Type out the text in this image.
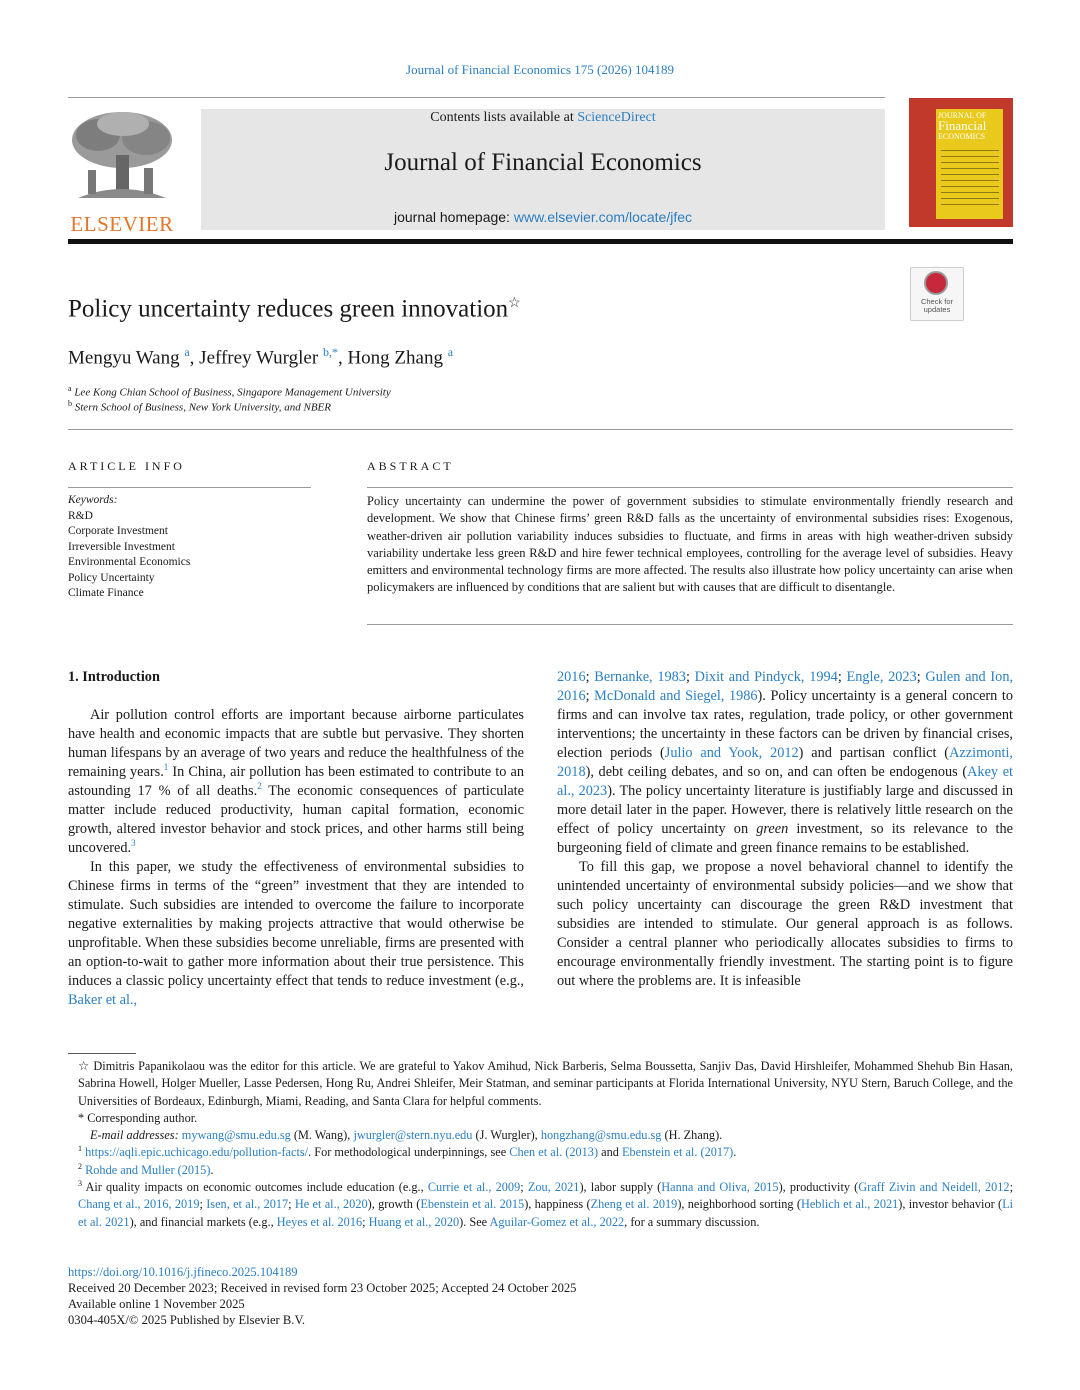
Journal of Financial Economics 175 (2026) 104189
ELSEVIER
Contents lists available at ScienceDirect
Journal of Financial Economics
journal homepage: www.elsevier.com/locate/jfec
JOURNAL OF
Financial
ECONOMICS
Check for updates
Policy uncertainty reduces green innovation☆
Mengyu Wang $^a$, Jeffrey Wurgler $^{b,*}$, Hong Zhang $^a$
$^a$ Lee Kong Chian School of Business, Singapore Management University
$^b$ Stern School of Business, New York University, and NBER
ARTICLE INFO
Keywords:
R&D
Corporate Investment
Irreversible Investment
Environmental Economics
Policy Uncertainty
Climate Finance
ABSTRACT
Policy uncertainty can undermine the power of government subsidies to stimulate environmentally friendly research and development. We show that Chinese firms’ green R&D falls as the uncertainty of environmental subsidies rises: Exogenous, weather-driven air pollution variability induces subsidies to fluctuate, and firms in areas with high weather-driven subsidy variability undertake less green R&D and hire fewer technical employees, controlling for the average level of subsidies. Heavy emitters and environmental technology firms are more affected. The results also illustrate how policy uncertainty can arise when policymakers are influenced by conditions that are salient but with causes that are difficult to disentangle.

1. Introduction

Air pollution control efforts are important because airborne particulates have health and economic impacts that are subtle but pervasive. They shorten human lifespans by an average of two years and reduce the healthfulness of the remaining years.$^1$ In China, air pollution has been estimated to contribute to an astounding 17 % of all deaths.$^2$ The economic consequences of particulate matter include reduced productivity, human capital formation, economic growth, altered investor behavior and stock prices, and other harms still being uncovered.$^3$

In this paper, we study the effectiveness of environmental subsidies to Chinese firms in terms of the “green” investment that they are intended to stimulate. Such subsidies are intended to overcome the failure to incorporate negative externalities by making projects attractive that would otherwise be unprofitable. When these subsidies become unreliable, firms are presented with an option-to-wait to gather more information about their true persistence. This induces a classic policy uncertainty effect that tends to reduce investment (e.g., Baker et al.,

2016; Bernanke, 1983; Dixit and Pindyck, 1994; Engle, 2023; Gulen and Ion, 2016; McDonald and Siegel, 1986). Policy uncertainty is a general concern to firms and can involve tax rates, regulation, trade policy, or other government interventions; the uncertainty in these factors can be driven by financial crises, election periods (Julio and Yook, 2012) and partisan conflict (Azzimonti, 2018), debt ceiling debates, and so on, and can often be endogenous (Akey et al., 2023). The policy uncertainty literature is justifiably large and discussed in more detail later in the paper. However, there is relatively little research on the effect of policy uncertainty on green investment, so its relevance to the burgeoning field of climate and green finance remains to be established.

To fill this gap, we propose a novel behavioral channel to identify the unintended uncertainty of environmental subsidy policies—and we show that such policy uncertainty can discourage the green R&D investment that subsidies are intended to stimulate. Our general approach is as follows. Consider a central planner who periodically allocates subsidies to firms to encourage environmentally friendly investment. The starting point is to figure out where the problems are. It is infeasible

☆ Dimitris Papanikolaou was the editor for this article. We are grateful to Yakov Amihud, Nick Barberis, Selma Boussetta, Sanjiv Das, David Hirshleifer, Mohammed Shehub Bin Hasan, Sabrina Howell, Holger Mueller, Lasse Pedersen, Hong Ru, Andrei Shleifer, Meir Statman, and seminar participants at Florida International University, NYU Stern, Baruch College, and the Universities of Bordeaux, Edinburgh, Miami, Reading, and Santa Clara for helpful comments.

* Corresponding author.

E-mail addresses: mywang@smu.edu.sg (M. Wang), jwurgler@stern.nyu.edu (J. Wurgler), hongzhang@smu.edu.sg (H. Zhang).

$^1$ https://aqli.epic.uchicago.edu/pollution-facts/. For methodological underpinnings, see Chen et al. (2013) and Ebenstein et al. (2017).

$^2$ Rohde and Muller (2015).

$^3$ Air quality impacts on economic outcomes include education (e.g., Currie et al., 2009; Zou, 2021), labor supply (Hanna and Oliva, 2015), productivity (Graff Zivin and Neidell, 2012; Chang et al., 2016, 2019; Isen, et al., 2017; He et al., 2020), growth (Ebenstein et al. 2015), happiness (Zheng et al. 2019), neighborhood sorting (Heblich et al., 2021), investor behavior (Li et al. 2021), and financial markets (e.g., Heyes et al. 2016; Huang et al., 2020). See Aguilar-Gomez et al., 2022, for a summary discussion.

https://doi.org/10.1016/j.jfineco.2025.104189
Received 20 December 2023; Received in revised form 23 October 2025; Accepted 24 October 2025
Available online 1 November 2025
0304-405X/© 2025 Published by Elsevier B.V.
